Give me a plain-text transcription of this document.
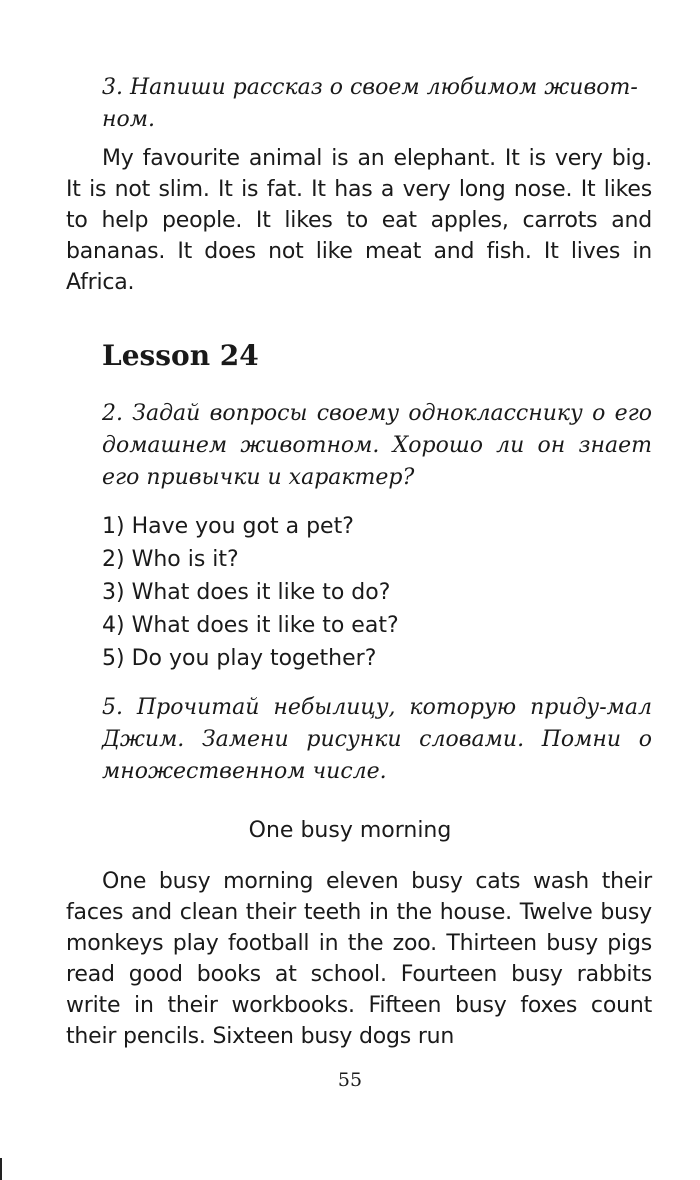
3. Напиши рассказ о своем любимом живот-
ном.

My favourite animal is an elephant. It is very big. It is not slim. It is fat. It has a very long nose. It likes to help people. It likes to eat apples, carrots and bananas. It does not like meat and fish. It lives in Africa.

Lesson 24

2. Задай вопросы своему однокласснику о его домашнем животном. Хорошо ли он знает его привычки и характер?

1) Have you got a pet?
2) Who is it?
3) What does it like to do?
4) What does it like to eat?
5) Do you play together?

5. Прочитай небылицу, которую приду-мал Джим. Замени рисунки словами. Помни о множественном числе.

One busy morning

One busy morning eleven busy cats wash their faces and clean their teeth in the house. Twelve busy monkeys play football in the zoo. Thirteen busy pigs read good books at school. Fourteen busy rabbits write in their workbooks. Fifteen busy foxes count their pencils. Sixteen busy dogs run

55
